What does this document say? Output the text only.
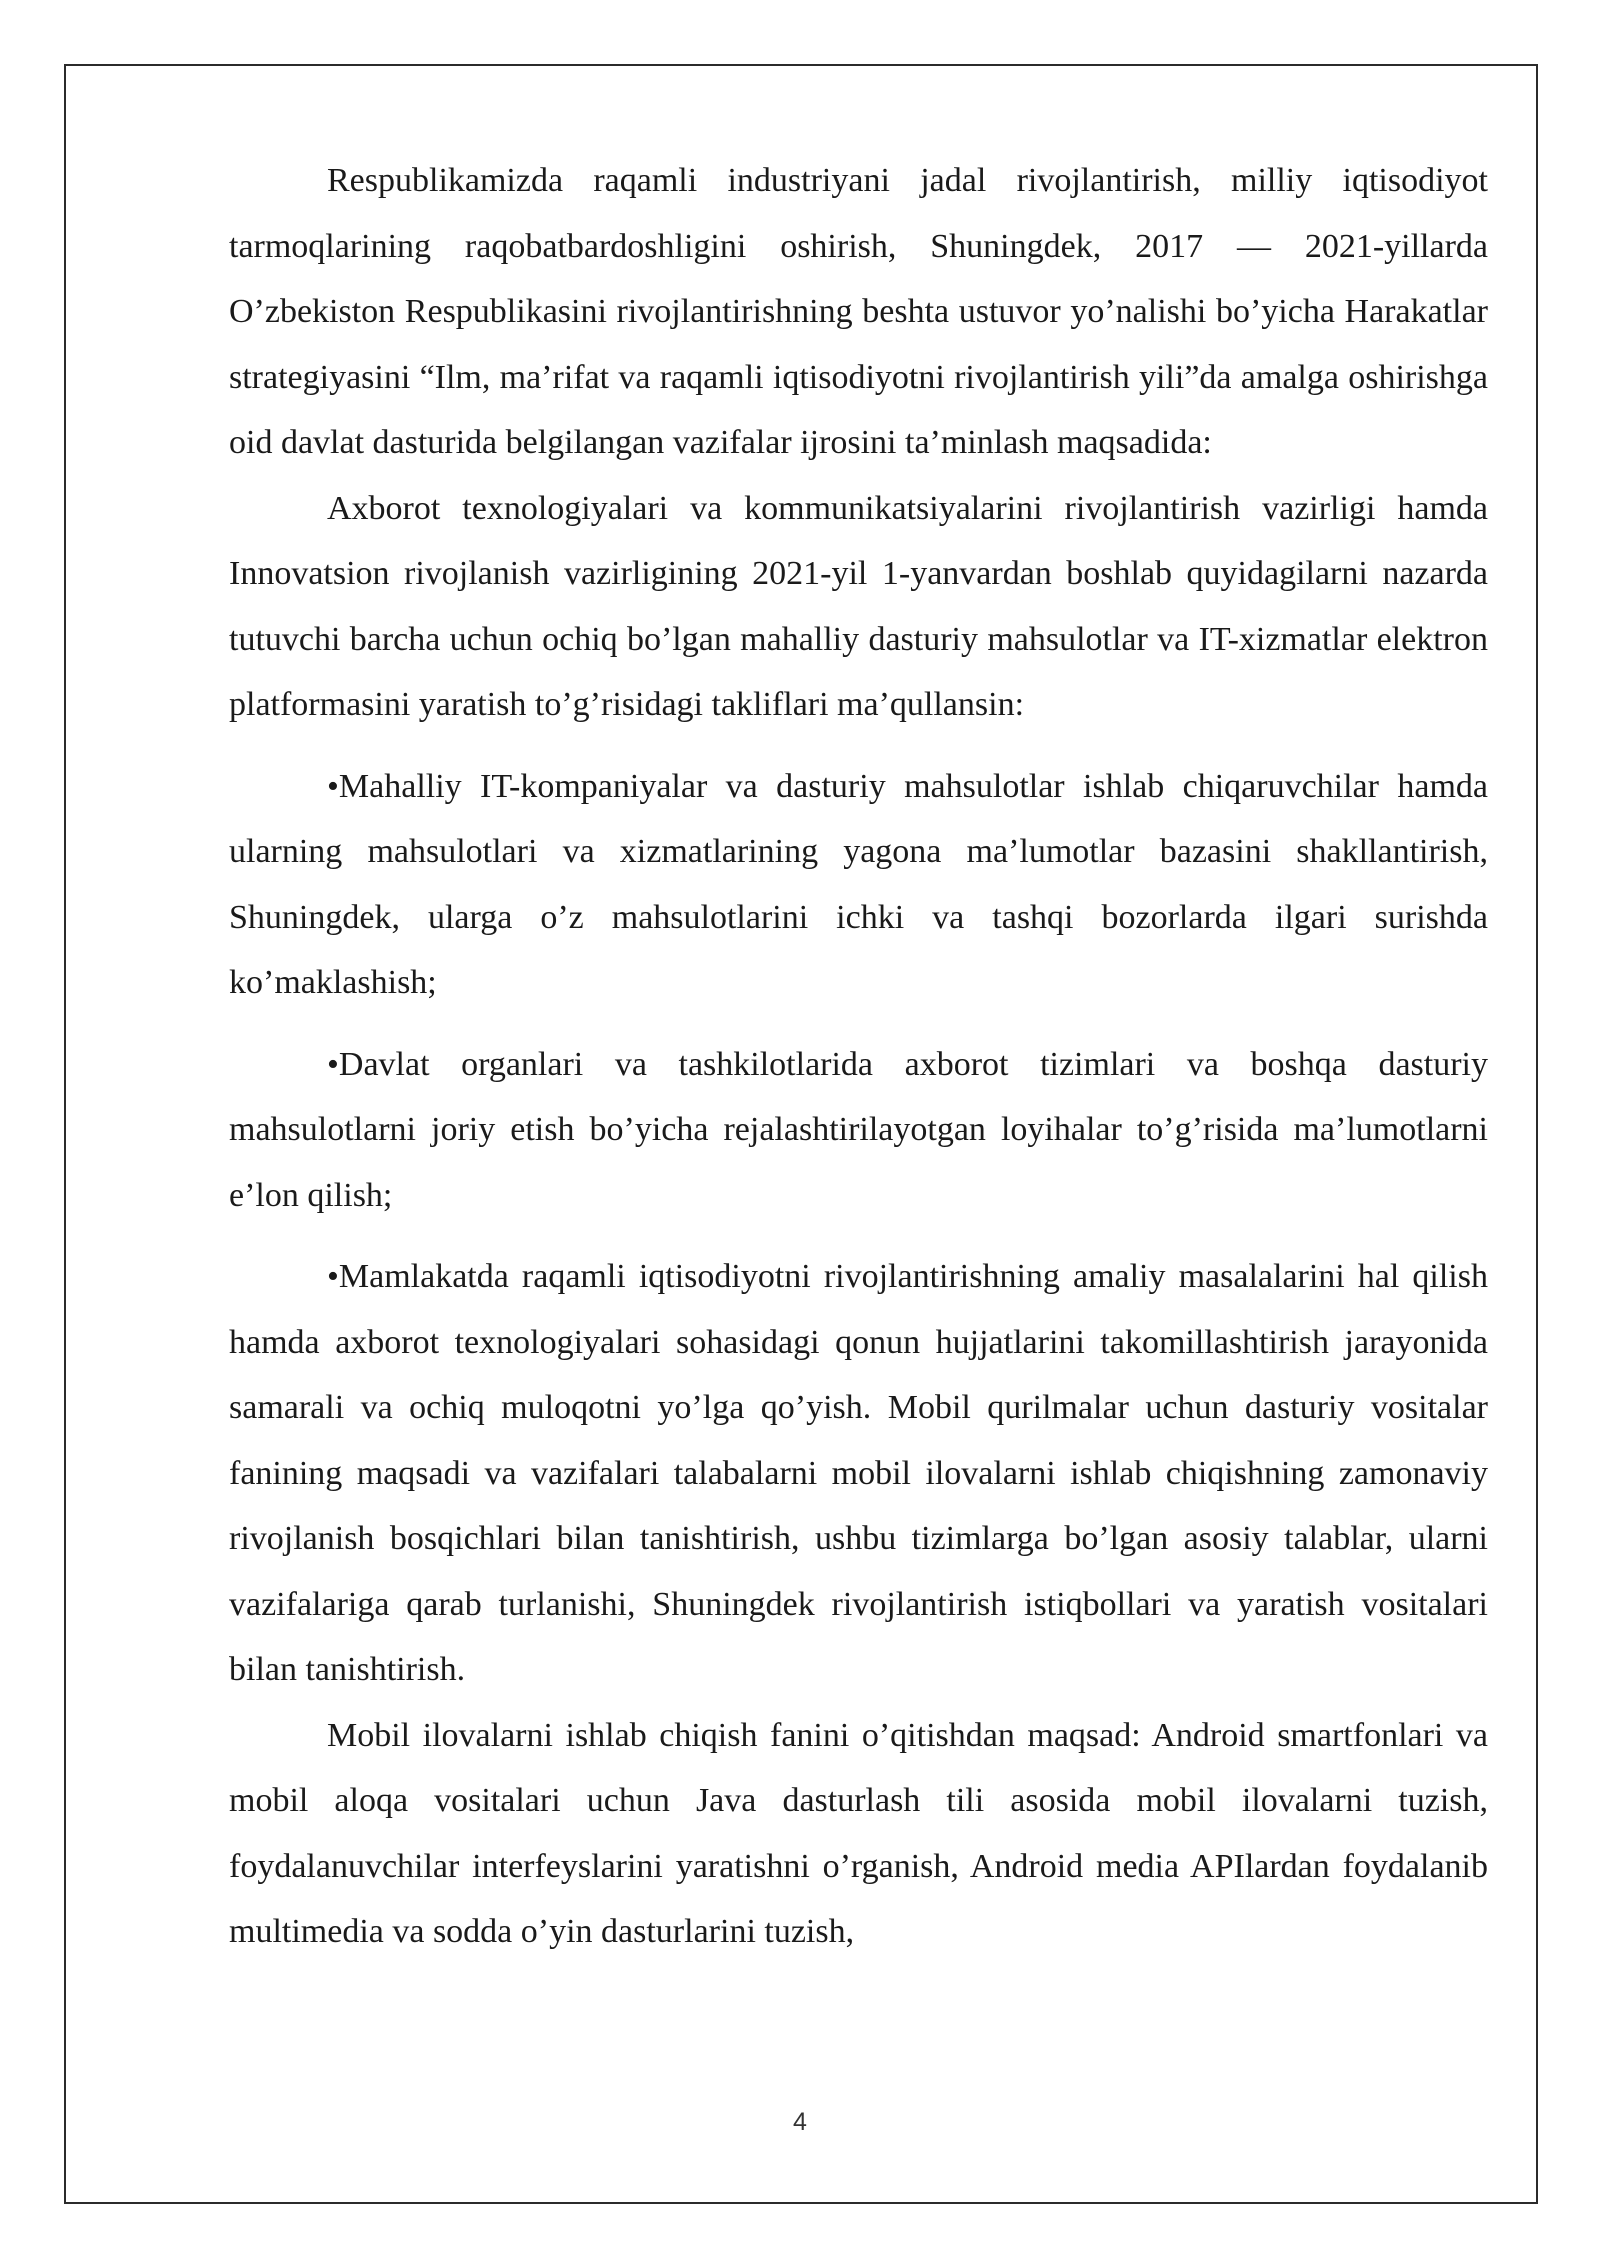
Respublikamizda raqamli industriyani jadal rivojlantirish, milliy iqtisodiyot tarmoqlarining raqobatbardoshligini oshirish, Shuningdek, 2017 — 2021-yillarda O’zbekiston Respublikasini rivojlantirishning beshta ustuvor yo’nalishi bo’yicha Harakatlar strategiyasini “Ilm, ma’rifat va raqamli iqtisodiyotni rivojlantirish yili”da amalga oshirishga oid davlat dasturida belgilangan vazifalar ijrosini ta’minlash maqsadida:

Axborot texnologiyalari va kommunikatsiyalarini rivojlantirish vazirligi hamda Innovatsion rivojlanish vazirligining 2021-yil 1-yanvardan boshlab quyidagilarni nazarda tutuvchi barcha uchun ochiq bo’lgan mahalliy dasturiy mahsulotlar va IT-xizmatlar elektron platformasini yaratish to’g’risidagi takliflari ma’qullansin:

•Mahalliy IT-kompaniyalar va dasturiy mahsulotlar ishlab chiqaruvchilar hamda ularning mahsulotlari va xizmatlarining yagona ma’lumotlar bazasini shakllantirish, Shuningdek, ularga o’z mahsulotlarini ichki va tashqi bozorlarda ilgari surishda ko’maklashish;

•Davlat organlari va tashkilotlarida axborot tizimlari va boshqa dasturiy mahsulotlarni joriy etish bo’yicha rejalashtirilayotgan loyihalar to’g’risida ma’lumotlarni e’lon qilish;

•Mamlakatda raqamli iqtisodiyotni rivojlantirishning amaliy masalalarini hal qilish hamda axborot texnologiyalari sohasidagi qonun hujjatlarini takomillashtirish jarayonida samarali va ochiq muloqotni yo’lga qo’yish. Mobil qurilmalar uchun dasturiy vositalar fanining maqsadi va vazifalari talabalarni mobil ilovalarni ishlab chiqishning zamonaviy rivojlanish bosqichlari bilan tanishtirish, ushbu tizimlarga bo’lgan asosiy talablar, ularni vazifalariga qarab turlanishi, Shuningdek rivojlantirish istiqbollari va yaratish vositalari bilan tanishtirish.

Mobil ilovalarni ishlab chiqish fanini o’qitishdan maqsad: Android smartfonlari va mobil aloqa vositalari uchun Java dasturlash tili asosida mobil ilovalarni tuzish, foydalanuvchilar interfeyslarini yaratishni o’rganish, Android media APIlardan foydalanib multimedia va sodda o’yin dasturlarini tuzish,

4
